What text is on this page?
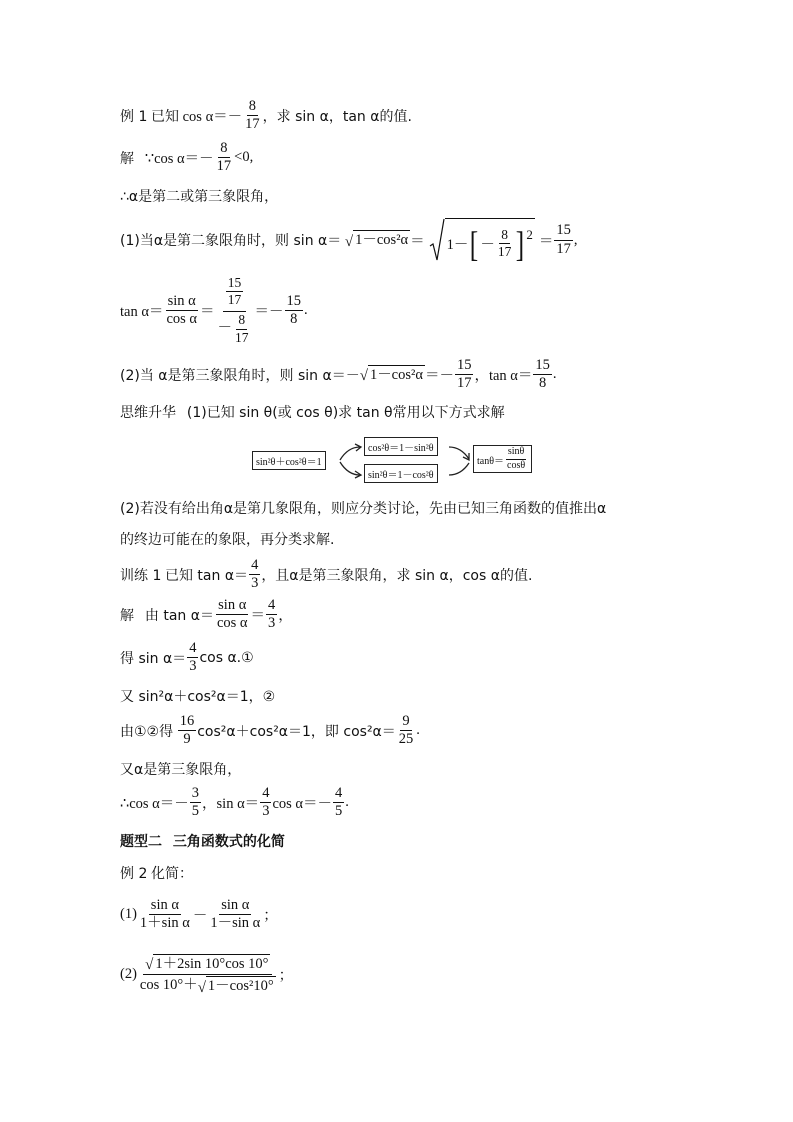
例 1
已知
$\cos \alpha=- \frac{8}{17}$ ，求 sin α，tan α的值.
解
∵cos $\alpha=- \frac{8}{17} <0$,
∴α是第二或第三象限角，
(1)当α是第二象限角时，则 sin α＝
√ 1－cos²α ＝ 1－ [ － $\frac{8}{17}$ ] $2 = \frac{15}{17}$ ,
$\tan \alpha= \frac{\text{sin α}}{\text{cos α}} = \frac{\frac{15}{17}}{- \frac{8}{17}} =- \frac{15}{8}$ .
(2)当 α是第三象限角时，则 sin α＝－ √ $1-\cos^2\alpha =- \frac{15}{17}$ ，$\tan \alpha= \frac{15}{8}$ .
思维升华
(1)已知 sin θ(或 cos θ)求 tan θ常用以下方式求解
sin²θ＋cos²θ＝1
cos²θ＝1－sin²θ
sin²θ＝1－cos²θ
$\tan\theta= \frac{\sin\theta}{\cos\theta}$
(2)若没有给出角α是第几象限角，则应分类讨论，先由已知三角函数的值推出α
的终边可能在的象限，再分类求解.
训练 1
已知 $\tan \alpha= \frac{4}{3}$ ，且α是第三象限角，求 sin α，cos α的值.
解
由 $\tan \alpha= \frac{\text{sin α}}{\text{cos α}} = \frac{4}{3}$ ，
得 $\sin \alpha= \frac{4}{3}$ cos α.①
又 sin²α＋cos²α＝1，②
由①②得
$\frac{16}{9} \cos^2\alpha+\cos^2\alpha=1$，即 $\cos^2\alpha= \frac{9}{25}$ .
又α是第三象限角，
∴cos $\alpha=- \frac{3}{5}$ ，$\sin \alpha= \frac{4}{3}$ $\cos \alpha=- \frac{4}{5}$ .
题型二
三角函数式的化简
例 2
化简：
$(1) \frac{\text{sin α}}{\text{1＋sin α}} - \frac{\text{sin α}}{\text{1－sin α}}$ ；
$(2) \frac{√ 1+2\sin 10^\circ\cos 10^\circ}{\text{cos 10°＋ √ 1－cos²10°}}$ ；
